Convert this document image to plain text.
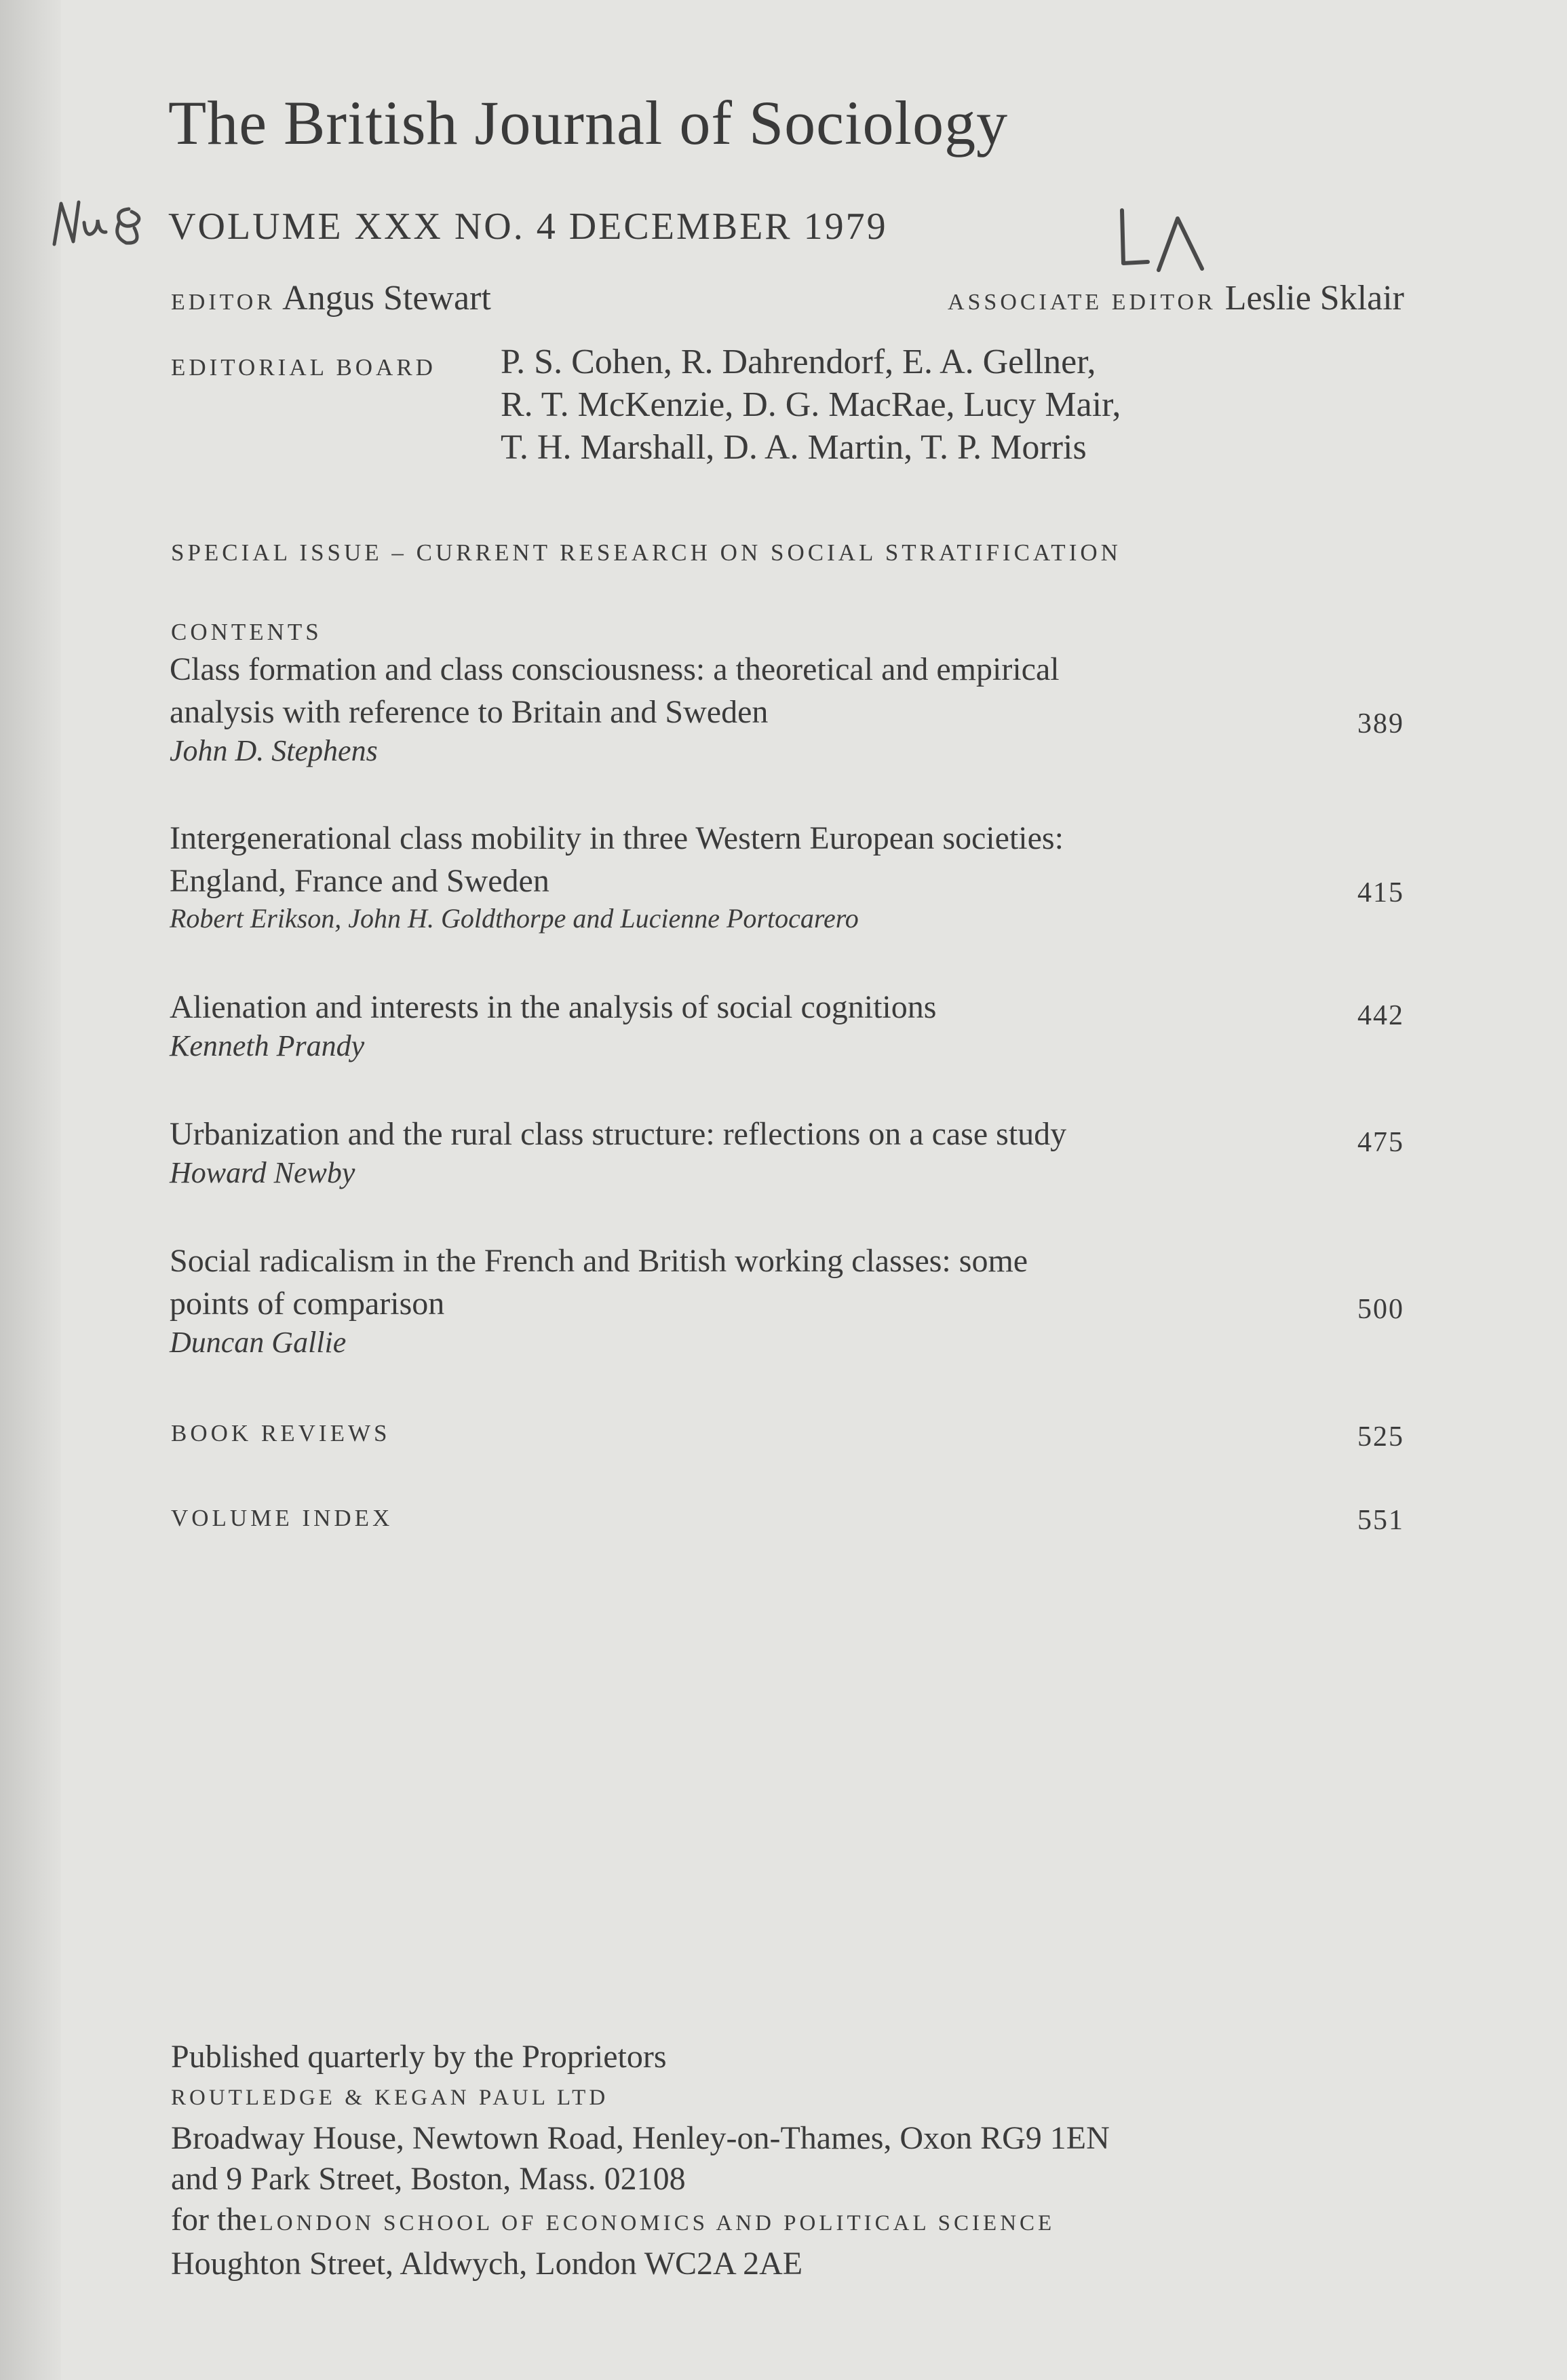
The British Journal of Sociology
VOLUME XXX NO. 4 DECEMBER 1979
EDITOR Angus Stewart	ASSOCIATE EDITOR Leslie Sklair
EDITORIAL BOARD P. S. Cohen, R. Dahrendorf, E. A. Gellner,
R. T. McKenzie, D. G. MacRae, Lucy Mair,
T. H. Marshall, D. A. Martin, T. P. Morris
SPECIAL ISSUE – CURRENT RESEARCH ON SOCIAL STRATIFICATION
CONTENTS
Class formation and class consciousness: a theoretical and empirical
analysis with reference to Britain and Sweden
John D. Stephens
389
Intergenerational class mobility in three Western European societies:
England, France and Sweden
Robert Erikson, John H. Goldthorpe and Lucienne Portocarero
415
Alienation and interests in the analysis of social cognitions
Kenneth Prandy
442
Urbanization and the rural class structure: reflections on a case study
Howard Newby
475
Social radicalism in the French and British working classes: some
points of comparison
Duncan Gallie
500
BOOK REVIEWS	525
VOLUME INDEX	551
Published quarterly by the Proprietors
ROUTLEDGE & KEGAN PAUL LTD
Broadway House, Newtown Road, Henley-on-Thames, Oxon RG9 1EN
and 9 Park Street, Boston, Mass. 02108
for the LONDON SCHOOL OF ECONOMICS AND POLITICAL SCIENCE
Houghton Street, Aldwych, London WC2A 2AE
